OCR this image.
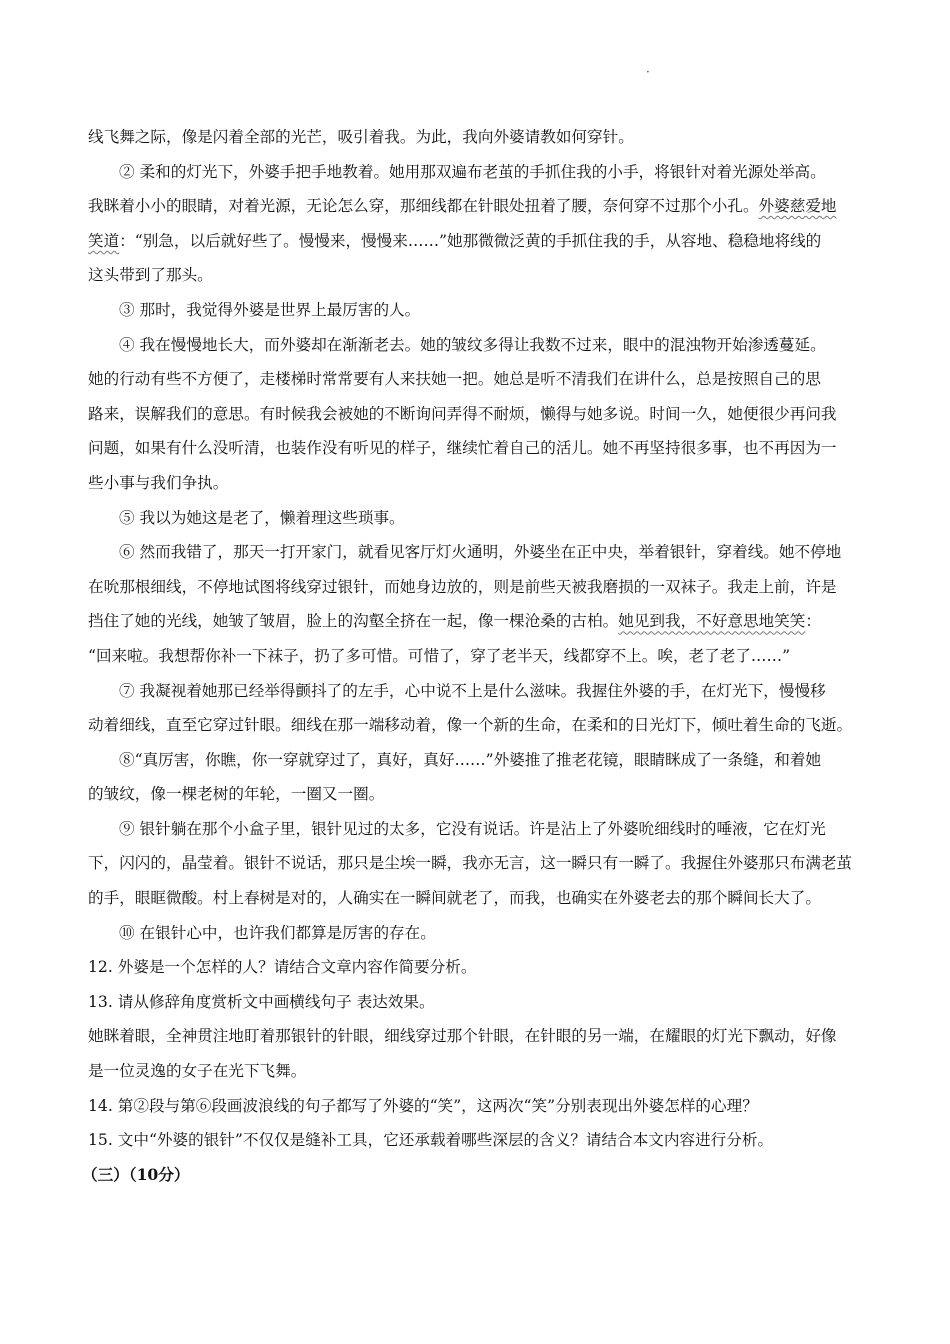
·
线飞舞之际，像是闪着全部的光芒，吸引着我。为此，我向外婆请教如何穿针。
② 柔和的灯光下，外婆手把手地教着。她用那双遍布老茧的手抓住我的小手，将银针对着光源处举高。
我眯着小小的眼睛，对着光源，无论怎么穿，那细线都在针眼处扭着了腰，奈何穿不过那个小孔。外婆慈爱地
笑道：“别急，以后就好些了。慢慢来，慢慢来……”她那微微泛黄的手抓住我的手，从容地、稳稳地将线的
这头带到了那头。
③ 那时，我觉得外婆是世界上最厉害的人。
④ 我在慢慢地长大，而外婆却在渐渐老去。她的皱纹多得让我数不过来，眼中的混浊物开始渗透蔓延。
她的行动有些不方便了，走楼梯时常常要有人来扶她一把。她总是听不清我们在讲什么，总是按照自己的思
路来，误解我们的意思。有时候我会被她的不断询问弄得不耐烦，懒得与她多说。时间一久，她便很少再问我
问题，如果有什么没听清，也装作没有听见的样子，继续忙着自己的活儿。她不再坚持很多事，也不再因为一
些小事与我们争执。
⑤ 我以为她这是老了，懒着理这些琐事。
⑥ 然而我错了，那天一打开家门，就看见客厅灯火通明，外婆坐在正中央，举着银针，穿着线。她不停地
在吮那根细线，不停地试图将线穿过银针，而她身边放的，则是前些天被我磨损的一双袜子。我走上前，许是
挡住了她的光线，她皱了皱眉，脸上的沟壑全挤在一起，像一棵沧桑的古柏。她见到我，不好意思地笑笑：
“回来啦。我想帮你补一下袜子，扔了多可惜。可惜了，穿了老半天，线都穿不上。唉，老了老了……”
⑦ 我凝视着她那已经举得颤抖了的左手，心中说不上是什么滋味。我握住外婆的手，在灯光下，慢慢移
动着细线，直至它穿过针眼。细线在那一端移动着，像一个新的生命，在柔和的日光灯下，倾吐着生命的飞逝。
⑧“真厉害，你瞧，你一穿就穿过了，真好，真好……”外婆推了推老花镜，眼睛眯成了一条缝，和着她
的皱纹，像一棵老树的年轮，一圈又一圈。
⑨ 银针躺在那个小盒子里，银针见过的太多，它没有说话。许是沾上了外婆吮细线时的唾液，它在灯光
下，闪闪的，晶莹着。银针不说话，那只是尘埃一瞬，我亦无言，这一瞬只有一瞬了。我握住外婆那只布满老茧
的手，眼眶微酸。村上春树是对的，人确实在一瞬间就老了，而我，也确实在外婆老去的那个瞬间长大了。
⑩ 在银针心中，也许我们都算是厉害的存在。
12. 外婆是一个怎样的人？请结合文章内容作简要分析。
13. 请从修辞角度赏析文中画横线句子 表达效果。
她眯着眼，全神贯注地盯着那银针的针眼，细线穿过那个针眼，在针眼的另一端，在耀眼的灯光下飘动，好像
是一位灵逸的女子在光下飞舞。
14. 第②段与第⑥段画波浪线的句子都写了外婆的“笑”，这两次“笑”分别表现出外婆怎样的心理？
15. 文中“外婆的银针”不仅仅是缝补工具，它还承载着哪些深层的含义？请结合本文内容进行分析。
（三）（10分）
